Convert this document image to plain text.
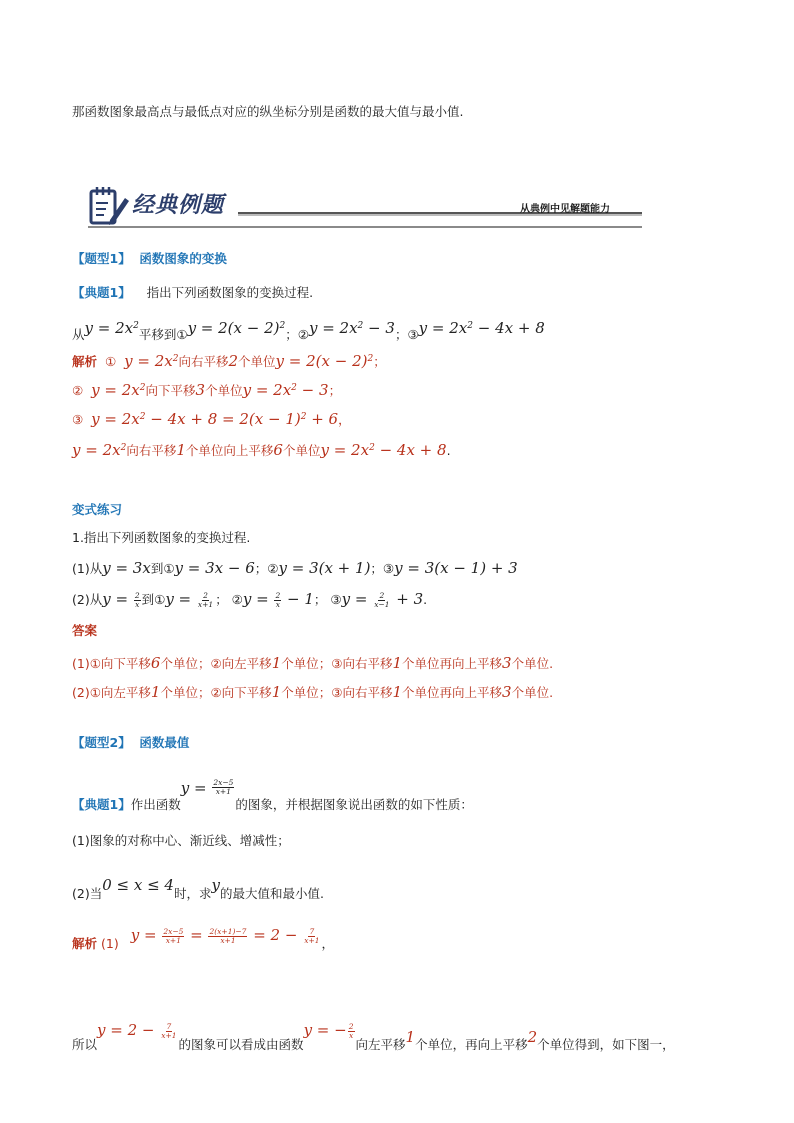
那函数图象最高点与最低点对应的纵坐标分别是函数的最大值与最小值.
经典例题	从典例中见解题能力
【题型1】 函数图象的变换
【典题1】 指出下列函数图象的变换过程.
从$y = 2x^2$平移到①y = $2(x - 2)^2$；②y = $2x^2 - 3$；③y = $2x^2 - 4x + 8$
解析 ① $y = 2x^2$向右平移2个单位$y = 2(x - 2)^2$；
② $y = 2x^2$向下平移3个单位$y = 2x^2 - 3$；
③ $y = 2x^2 - 4x + 8 = 2(x - 1)^2 + 6$，
$y = 2x^2$向右平移1个单位向上平移6个单位$y = 2x^2 - 4x + 8$.
变式练习
1.指出下列函数图象的变换过程.
(1)从y = 3x到①y = 3x − 6；②y = 3(x + 1)；③y = 3(x − 1) + 3
(2)从$y = \frac{2}{x}$ 到①y = $\frac{2}{x+1}$ ； ②y = $\frac{2}{x} - 1$； ③y = $\frac{2}{x-1} + 3$.
答案
(1)①向下平移6个单位；②向左平移1个单位；③向右平移1个单位再向上平移3个单位.
(2)①向左平移1个单位；②向下平移1个单位；③向右平移1个单位再向上平移3个单位.
【题型2】 函数最值
【典题1】作出函数$y = \frac{2x-5}{x+1}$
的图象，并根据图象说出函数的如下性质：
(1)图象的对称中心、渐近线、增减性；
(2)当0 ≤ x ≤ 4时，求y的最大值和最小值.
解析 (1) $y = \frac{2x-5}{x+1} = \frac{2(x+1)-7}{x+1} = 2 - \frac{7}{x+1}$ ，
所以$y = 2 - \frac{7}{x+1}$
的图象可以看成由函数y = − $\frac{2}{x}$
向左平移1个单位，再向上平移2个单位得到，如下图一，
